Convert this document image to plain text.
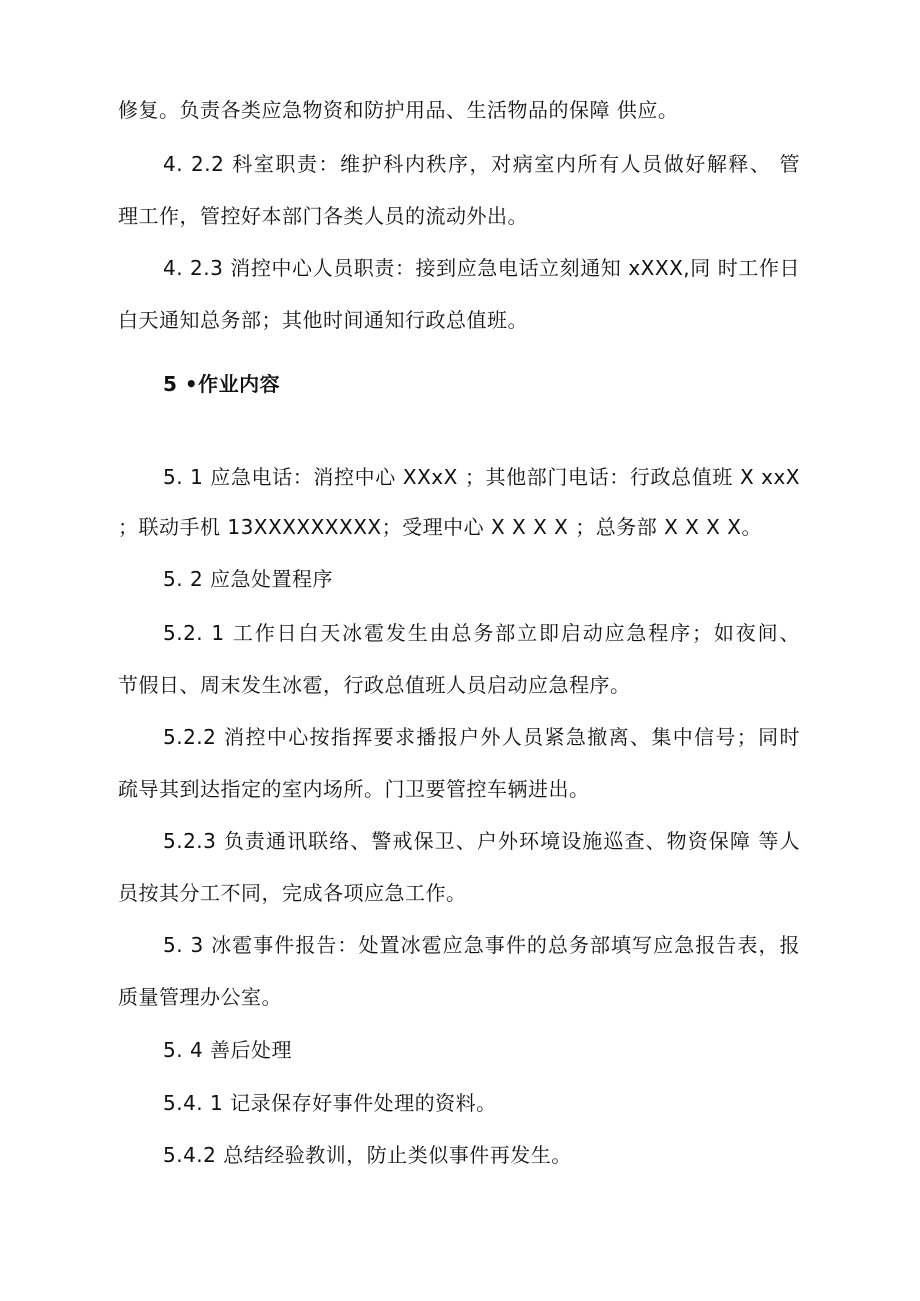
修复。负责各类应急物资和防护用品、生活物品的保障 供应。
4. 2.2 科室职责：维护科内秩序，对病室内所有人员做好解释、 管
理工作，管控好本部门各类人员的流动外出。
4. 2.3 消控中心人员职责：接到应急电话立刻通知 xXXX,同 时工作日
白天通知总务部；其他时间通知行政总值班。
5 •作业内容
5. 1 应急电话：消控中心 XXxX ；其他部门电话：行政总值班 X xxX
；联动手机 13XXXXXXXXX；受理中心 X X X X ；总务部 X X X X。
5. 2 应急处置程序
5.2. 1 工作日白天冰雹发生由总务部立即启动应急程序；如夜间、
节假日、周末发生冰雹，行政总值班人员启动应急程序。
5.2.2 消控中心按指挥要求播报户外人员紧急撤离、集中信号；同时
疏导其到达指定的室内场所。门卫要管控车辆进出。
5.2.3 负责通讯联络、警戒保卫、户外环境设施巡查、物资保障 等人
员按其分工不同，完成各项应急工作。
5. 3 冰雹事件报告：处置冰雹应急事件的总务部填写应急报告表，报
质量管理办公室。
5. 4 善后处理
5.4. 1 记录保存好事件处理的资料。
5.4.2 总结经验教训，防止类似事件再发生。
